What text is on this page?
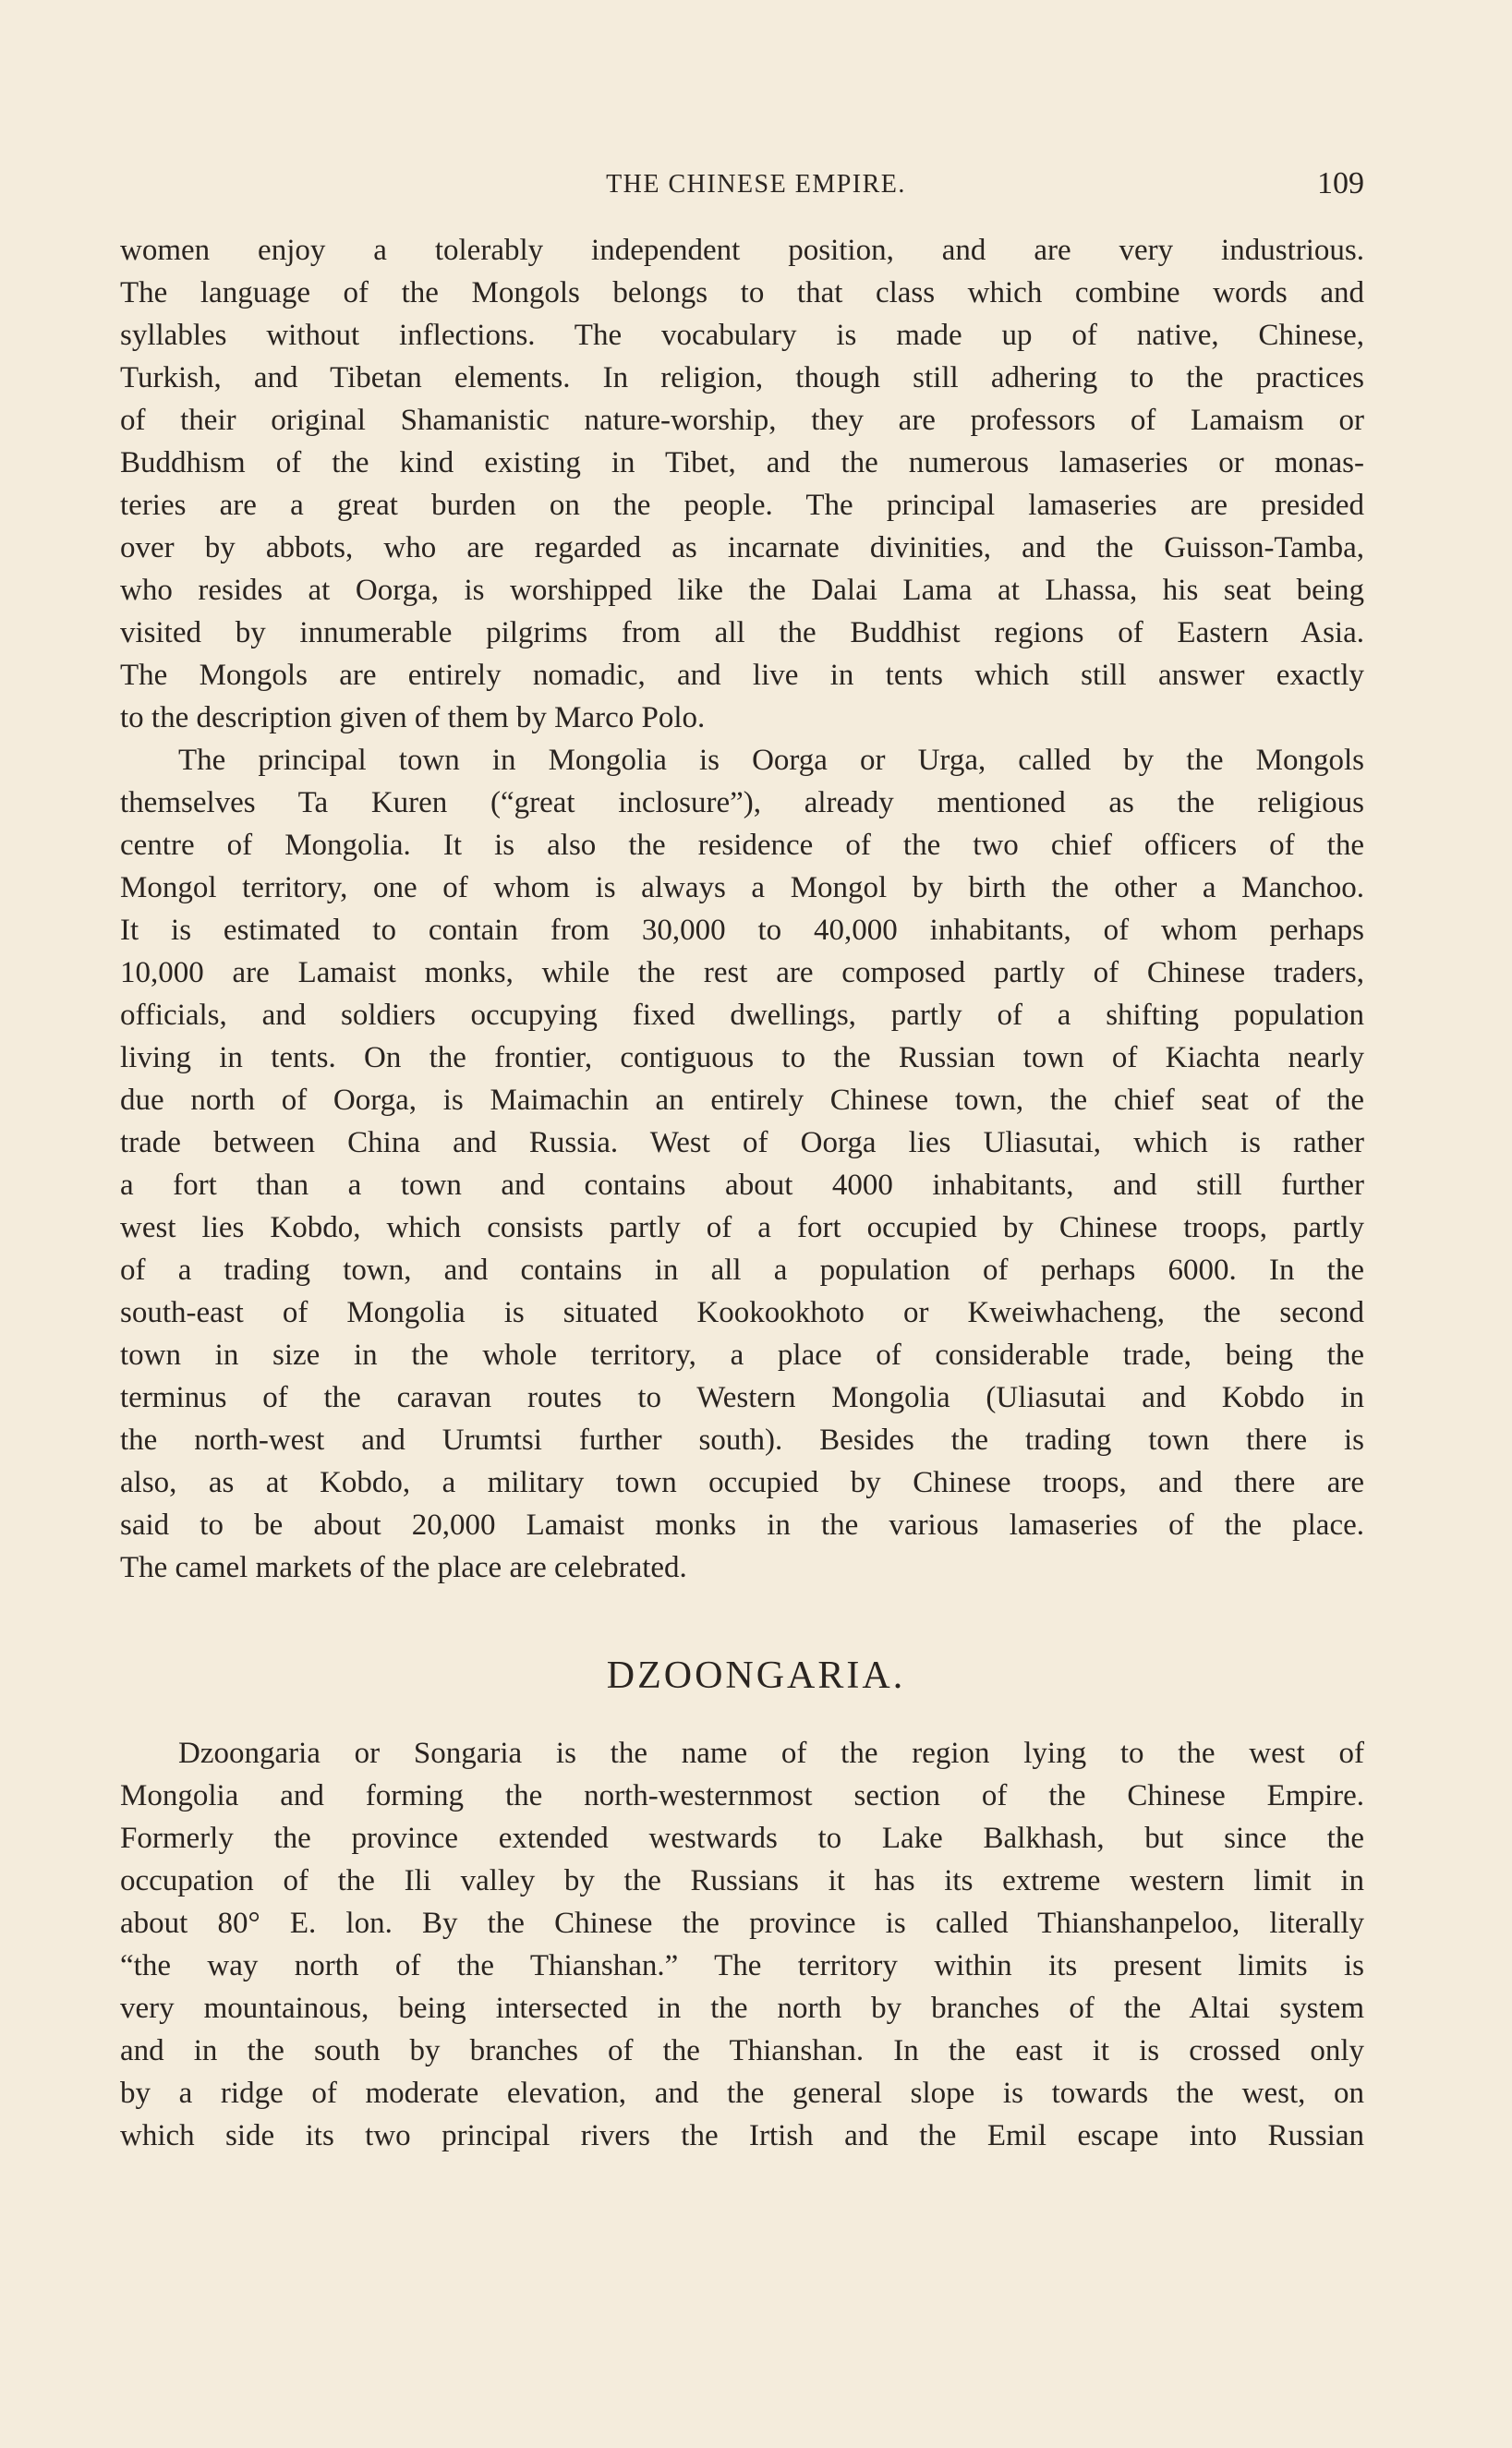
THE CHINESE EMPIRE.	109
women enjoy a tolerably independent position, and are very industrious.
The language of the Mongols belongs to that class which combine words and
syllables without inflections. The vocabulary is made up of native, Chinese,
Turkish, and Tibetan elements. In religion, though still adhering to the practices
of their original Shamanistic nature-worship, they are professors of Lamaism or
Buddhism of the kind existing in Tibet, and the numerous lamaseries or monas-
teries are a great burden on the people. The principal lamaseries are presided
over by abbots, who are regarded as incarnate divinities, and the Guisson-Tamba,
who resides at Oorga, is worshipped like the Dalai Lama at Lhassa, his seat being
visited by innumerable pilgrims from all the Buddhist regions of Eastern Asia.
The Mongols are entirely nomadic, and live in tents which still answer exactly
to the description given of them by Marco Polo.
The principal town in Mongolia is Oorga or Urga, called by the Mongols
themselves Ta Kuren (“great inclosure”), already mentioned as the religious
centre of Mongolia. It is also the residence of the two chief officers of the
Mongol territory, one of whom is always a Mongol by birth the other a Manchoo.
It is estimated to contain from 30,000 to 40,000 inhabitants, of whom perhaps
10,000 are Lamaist monks, while the rest are composed partly of Chinese traders,
officials, and soldiers occupying fixed dwellings, partly of a shifting population
living in tents. On the frontier, contiguous to the Russian town of Kiachta nearly
due north of Oorga, is Maimachin an entirely Chinese town, the chief seat of the
trade between China and Russia. West of Oorga lies Uliasutai, which is rather
a fort than a town and contains about 4000 inhabitants, and still further
west lies Kobdo, which consists partly of a fort occupied by Chinese troops, partly
of a trading town, and contains in all a population of perhaps 6000. In the
south-east of Mongolia is situated Kookookhoto or Kweiwhacheng, the second
town in size in the whole territory, a place of considerable trade, being the
terminus of the caravan routes to Western Mongolia (Uliasutai and Kobdo in
the north-west and Urumtsi further south). Besides the trading town there is
also, as at Kobdo, a military town occupied by Chinese troops, and there are
said to be about 20,000 Lamaist monks in the various lamaseries of the place.
The camel markets of the place are celebrated.
DZOONGARIA.
Dzoongaria or Songaria is the name of the region lying to the west of
Mongolia and forming the north-westernmost section of the Chinese Empire.
Formerly the province extended westwards to Lake Balkhash, but since the
occupation of the Ili valley by the Russians it has its extreme western limit in
about 80° E. lon. By the Chinese the province is called Thianshanpeloo, literally
“the way north of the Thianshan.” The territory within its present limits is
very mountainous, being intersected in the north by branches of the Altai system
and in the south by branches of the Thianshan. In the east it is crossed only
by a ridge of moderate elevation, and the general slope is towards the west, on
which side its two principal rivers the Irtish and the Emil escape into Russian
